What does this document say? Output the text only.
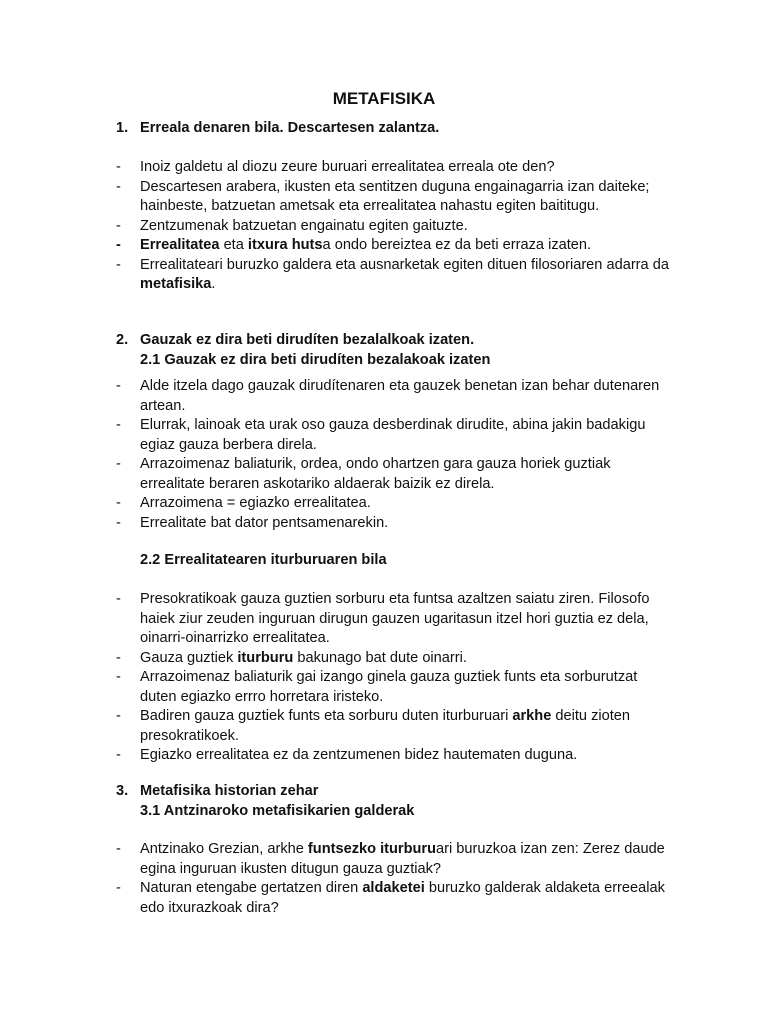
METAFISIKA
1. Erreala denaren bila. Descartesen zalantza.
-	Inoiz galdetu al diozu zeure buruari errealitatea erreala ote den?
-	Descartesen arabera, ikusten eta sentitzen duguna engainagarria izan daiteke; hainbeste, batzuetan ametsak eta errealitatea nahastu egiten baititugu.
-	Zentzumenak batzuetan engainatu egiten gaituzte.
-	Errealitatea eta itxura hutsa ondo bereiztea ez da beti erraza izaten.
-	Errealitateari buruzko galdera eta ausnarketak egiten dituen filosoriaren adarra da metafisika.
2. Gauzak ez dira beti dirudíten bezalalkoak izaten.
2.1 Gauzak ez dira beti dirudíten bezalakoak izaten
-	Alde itzela dago gauzak dirudítenaren eta gauzek benetan izan behar dutenaren artean.
-	Elurrak, lainoak eta urak oso gauza desberdinak dirudite, abina jakin badakigu egiaz gauza berbera direla.
-	Arrazoimenaz baliaturik, ordea, ondo ohartzen gara gauza horiek guztiak errealitate beraren askotariko aldaerak baizik ez direla.
-	Arrazoimena = egiazko errealitatea.
-	Errealitate bat dator pentsamenarekin.
2.2 Errealitatearen iturburuaren bila
-	Presokratikoak gauza guztien sorburu eta funtsa azaltzen saiatu ziren. Filosofo haiek ziur zeuden inguruan dirugun gauzen ugaritasun itzel hori guztia ez dela, oinarri-oinarrizko errealitatea.
-	Gauza guztiek iturburu bakunago bat dute oinarri.
-	Arrazoimenaz baliaturik gai izango ginela gauza guztiek funts eta sorburutzat duten egiazko errro horretara iristeko.
-	Badiren gauza guztiek funts eta sorburu duten iturburuari arkhe deitu zioten presokratikoek.
-	Egiazko errealitatea ez da zentzumenen bidez hautematen duguna.
3. Metafisika historian zehar
3.1 Antzinaroko metafisikarien galderak
-	Antzinako Grezian, arkhe funtsezko iturburuari buruzkoa izan zen: Zerez daude egina inguruan ikusten ditugun gauza guztiak?
-	Naturan etengabe gertatzen diren aldaketei buruzko galderak aldaketa erreealak edo itxurazkoak dira?
